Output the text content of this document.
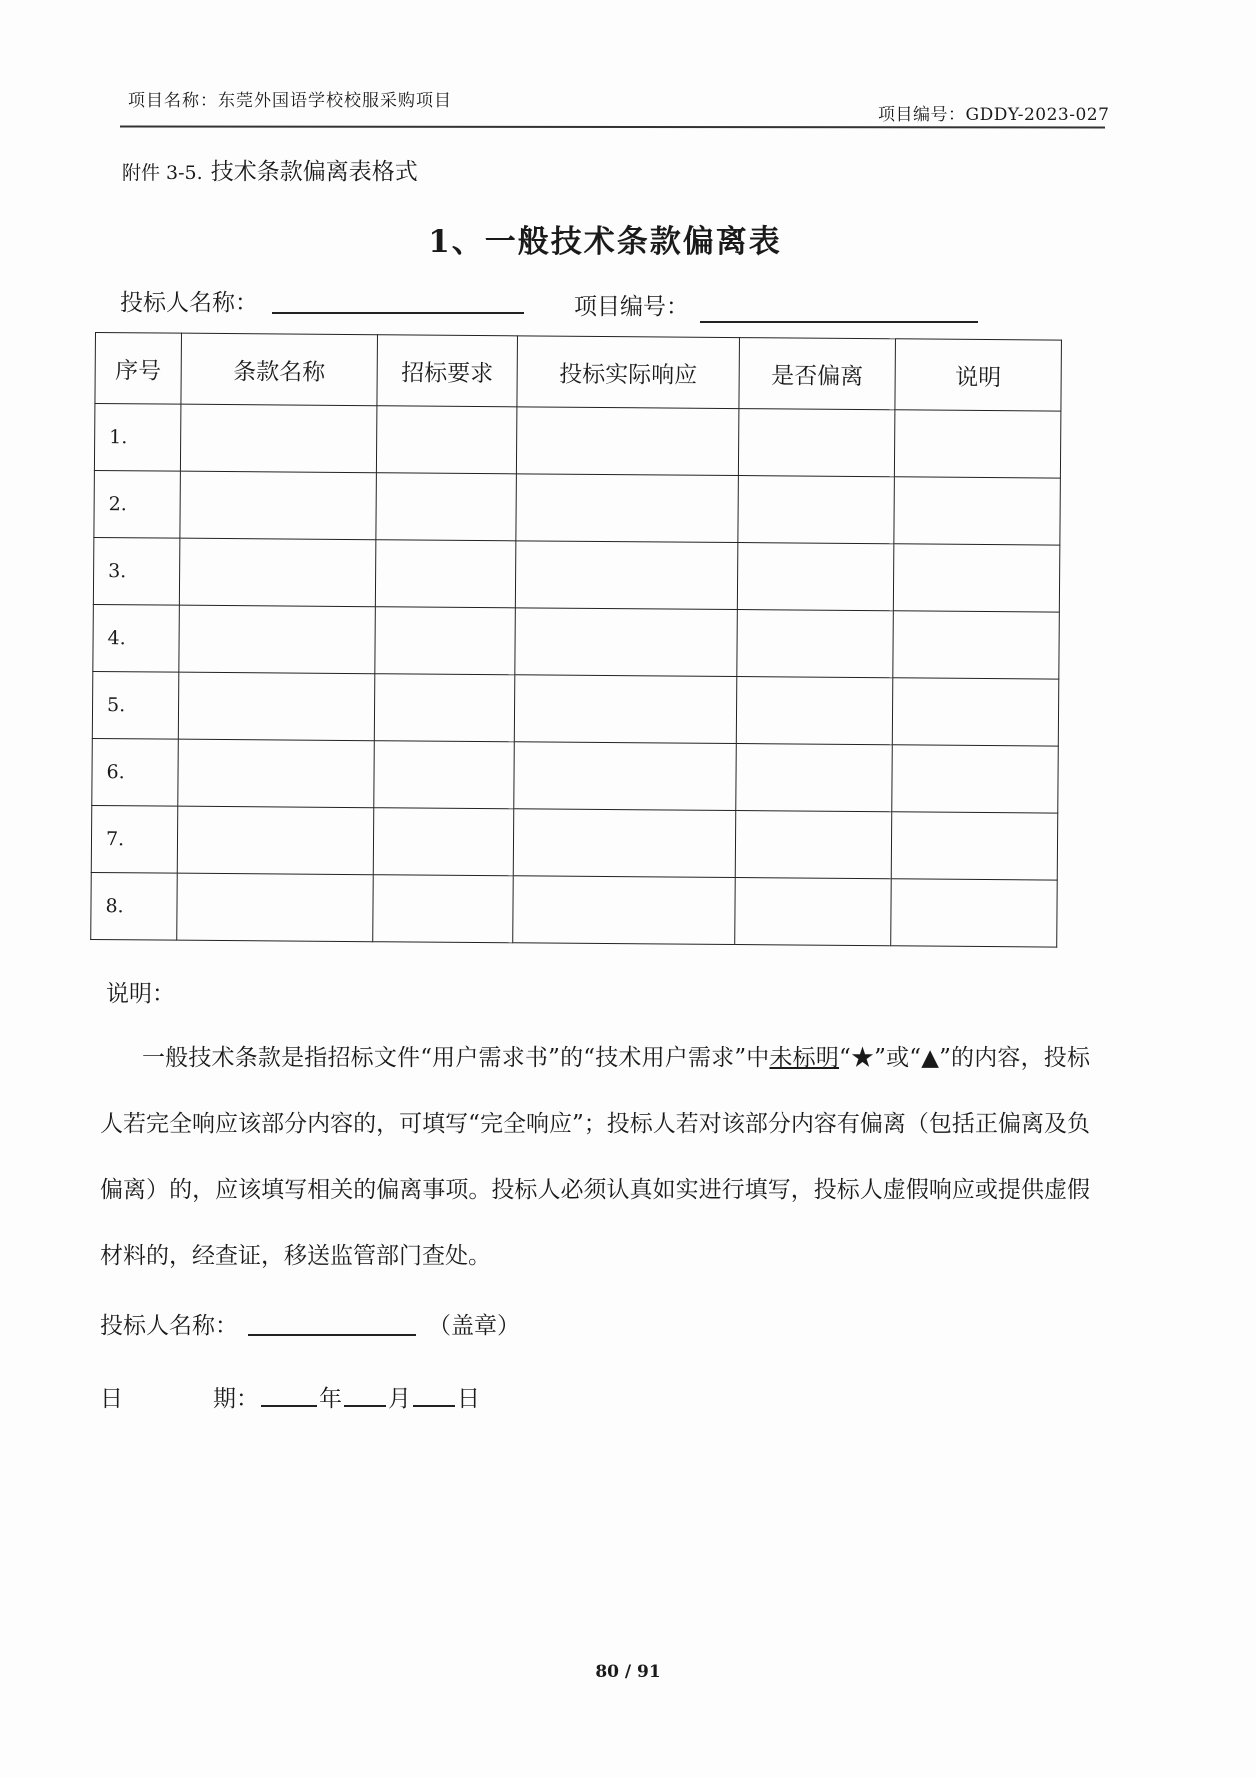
项目名称：东莞外国语学校校服采购项目
项目编号：GDDY-2023-027
附件 3-5. 技术条款偏离表格式
1、一般技术条款偏离表
投标人名称：	项目编号：
序号	条款名称	招标要求	投标实际响应	是否偏离	说明
1.					
2.					
3.					
4.					
5.					
6.					
7.					
8.					
说明：
一般技术条款是指招标文件“用户需求书”的“技术用户需求”中未标明“★”或“▲”的内容，投标人若完全响应该部分内容的，可填写“完全响应”；投标人若对该部分内容有偏离（包括正偏离及负偏离）的，应该填写相关的偏离事项。投标人必须认真如实进行填写，投标人虚假响应或提供虚假材料的，经查证，移送监管部门查处。
投标人名称：	（盖章）
日	期：	年 月 日
80 / 91
